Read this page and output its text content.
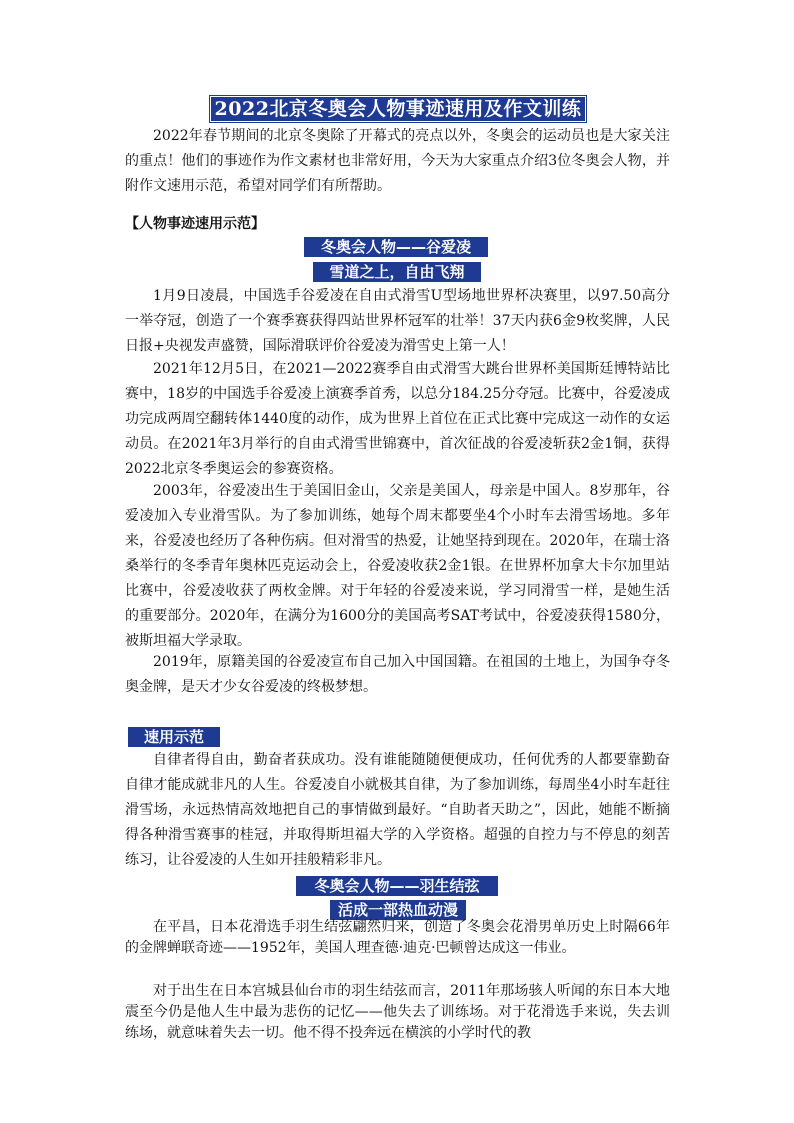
2022北京冬奥会人物事迹速用及作文训练

2022年春节期间的北京冬奥除了开幕式的亮点以外，冬奥会的运动员也是大家关注的重点！他们的事迹作为作文素材也非常好用，今天为大家重点介绍3位冬奥会人物，并附作文速用示范，希望对同学们有所帮助。

【人物事迹速用示范】
冬奥会人物——谷爱凌
雪道之上，自由飞翔

1月9日凌晨，中国选手谷爱凌在自由式滑雪U型场地世界杯决赛里，以97.50高分一举夺冠，创造了一个赛季赛获得四站世界杯冠军的壮举！37天内获6金9枚奖牌，人民日报+央视发声盛赞，国际滑联评价谷爱凌为滑雪史上第一人！

2021年12月5日，在2021—2022赛季自由式滑雪大跳台世界杯美国斯廷博特站比赛中，18岁的中国选手谷爱凌上演赛季首秀，以总分184.25分夺冠。比赛中，谷爱凌成功完成两周空翻转体1440度的动作，成为世界上首位在正式比赛中完成这一动作的女运动员。在2021年3月举行的自由式滑雪世锦赛中，首次征战的谷爱凌斩获2金1铜，获得2022北京冬季奥运会的参赛资格。

2003年，谷爱凌出生于美国旧金山，父亲是美国人，母亲是中国人。8岁那年，谷爱凌加入专业滑雪队。为了参加训练，她每个周末都要坐4个小时车去滑雪场地。多年来，谷爱凌也经历了各种伤病。但对滑雪的热爱，让她坚持到现在。2020年，在瑞士洛桑举行的冬季青年奥林匹克运动会上，谷爱凌收获2金1银。在世界杯加拿大卡尔加里站比赛中，谷爱凌收获了两枚金牌。对于年轻的谷爱凌来说，学习同滑雪一样，是她生活的重要部分。2020年，在满分为1600分的美国高考SAT考试中，谷爱凌获得1580分，被斯坦福大学录取。

2019年，原籍美国的谷爱凌宣布自己加入中国国籍。在祖国的土地上，为国争夺冬奥金牌，是天才少女谷爱凌的终极梦想。

速用示范

自律者得自由，勤奋者获成功。没有谁能随随便便成功，任何优秀的人都要靠勤奋自律才能成就非凡的人生。谷爱凌自小就极其自律，为了参加训练，每周坐4小时车赶往滑雪场，永远热情高效地把自己的事情做到最好。“自助者天助之”，因此，她能不断摘得各种滑雪赛事的桂冠，并取得斯坦福大学的入学资格。超强的自控力与不停息的刻苦练习，让谷爱凌的人生如开挂般精彩非凡。

冬奥会人物——羽生结弦
活成一部热血动漫

在平昌，日本花滑选手羽生结弦翩然归来，创造了冬奥会花滑男单历史上时隔66年的金牌蝉联奇迹——1952年，美国人理查德·迪克·巴顿曾达成这一伟业。

对于出生在日本宫城县仙台市的羽生结弦而言，2011年那场骇人听闻的东日本大地震至今仍是他人生中最为悲伤的记忆——他失去了训练场。对于花滑选手来说，失去训练场，就意味着失去一切。他不得不投奔远在横滨的小学时代的教
